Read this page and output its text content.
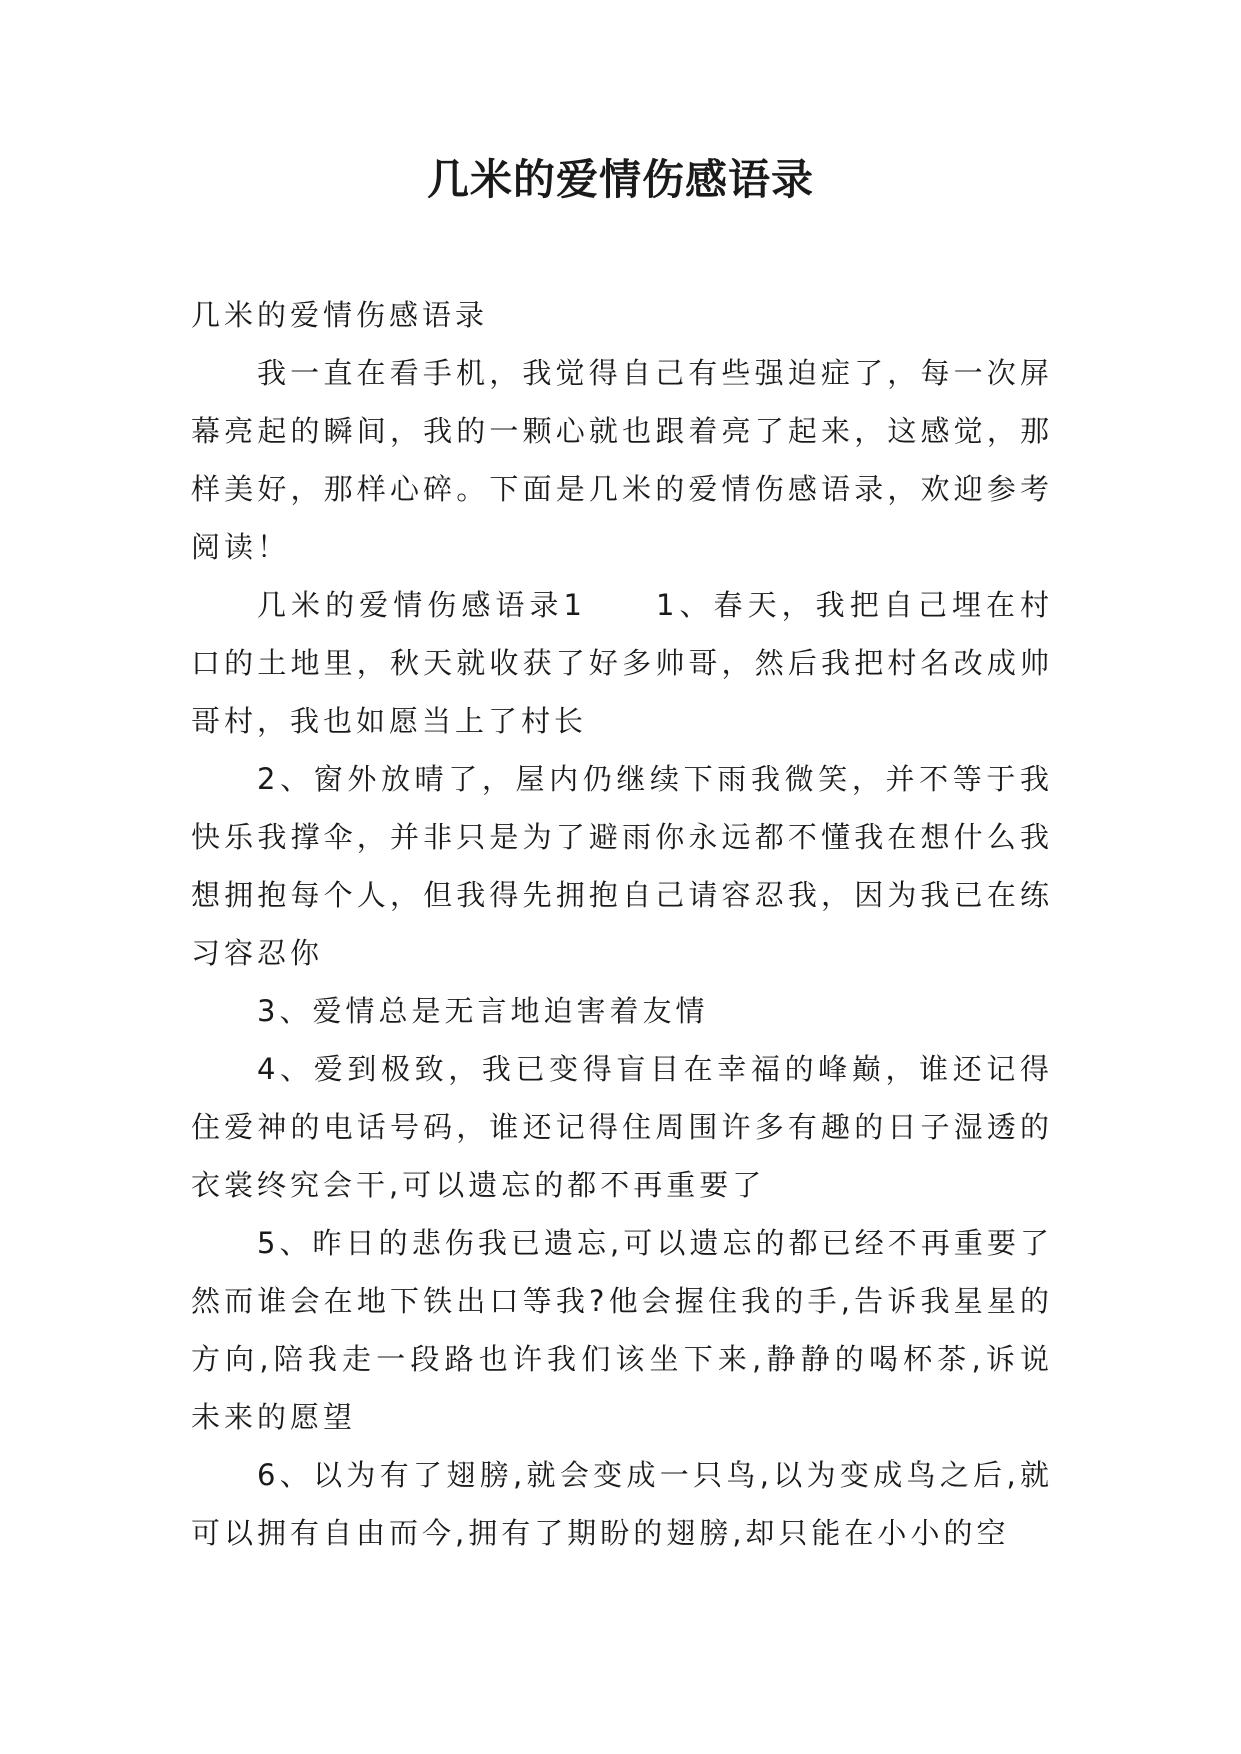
几米的爱情伤感语录

几米的爱情伤感语录

我一直在看手机，我觉得自己有些强迫症了，每一次屏幕亮起的瞬间，我的一颗心就也跟着亮了起来，这感觉，那样美好，那样心碎。下面是几米的爱情伤感语录，欢迎参考阅读！

几米的爱情伤感语录1 1、春天，我把自己埋在村口的土地里，秋天就收获了好多帅哥，然后我把村名改成帅哥村，我也如愿当上了村长

2、窗外放晴了，屋内仍继续下雨我微笑，并不等于我快乐我撑伞，并非只是为了避雨你永远都不懂我在想什么我想拥抱每个人，但我得先拥抱自己请容忍我，因为我已在练习容忍你

3、爱情总是无言地迫害着友情

4、爱到极致，我已变得盲目在幸福的峰巅，谁还记得住爱神的电话号码，谁还记得住周围许多有趣的日子湿透的衣裳终究会干,可以遗忘的都不再重要了

5、昨日的悲伤我已遗忘,可以遗忘的都已经不再重要了然而谁会在地下铁出口等我?他会握住我的手,告诉我星星的方向,陪我走一段路也许我们该坐下来,静静的喝杯茶,诉说未来的愿望

6、以为有了翅膀,就会变成一只鸟,以为变成鸟之后,就可以拥有自由而今,拥有了期盼的翅膀,却只能在小小的空
